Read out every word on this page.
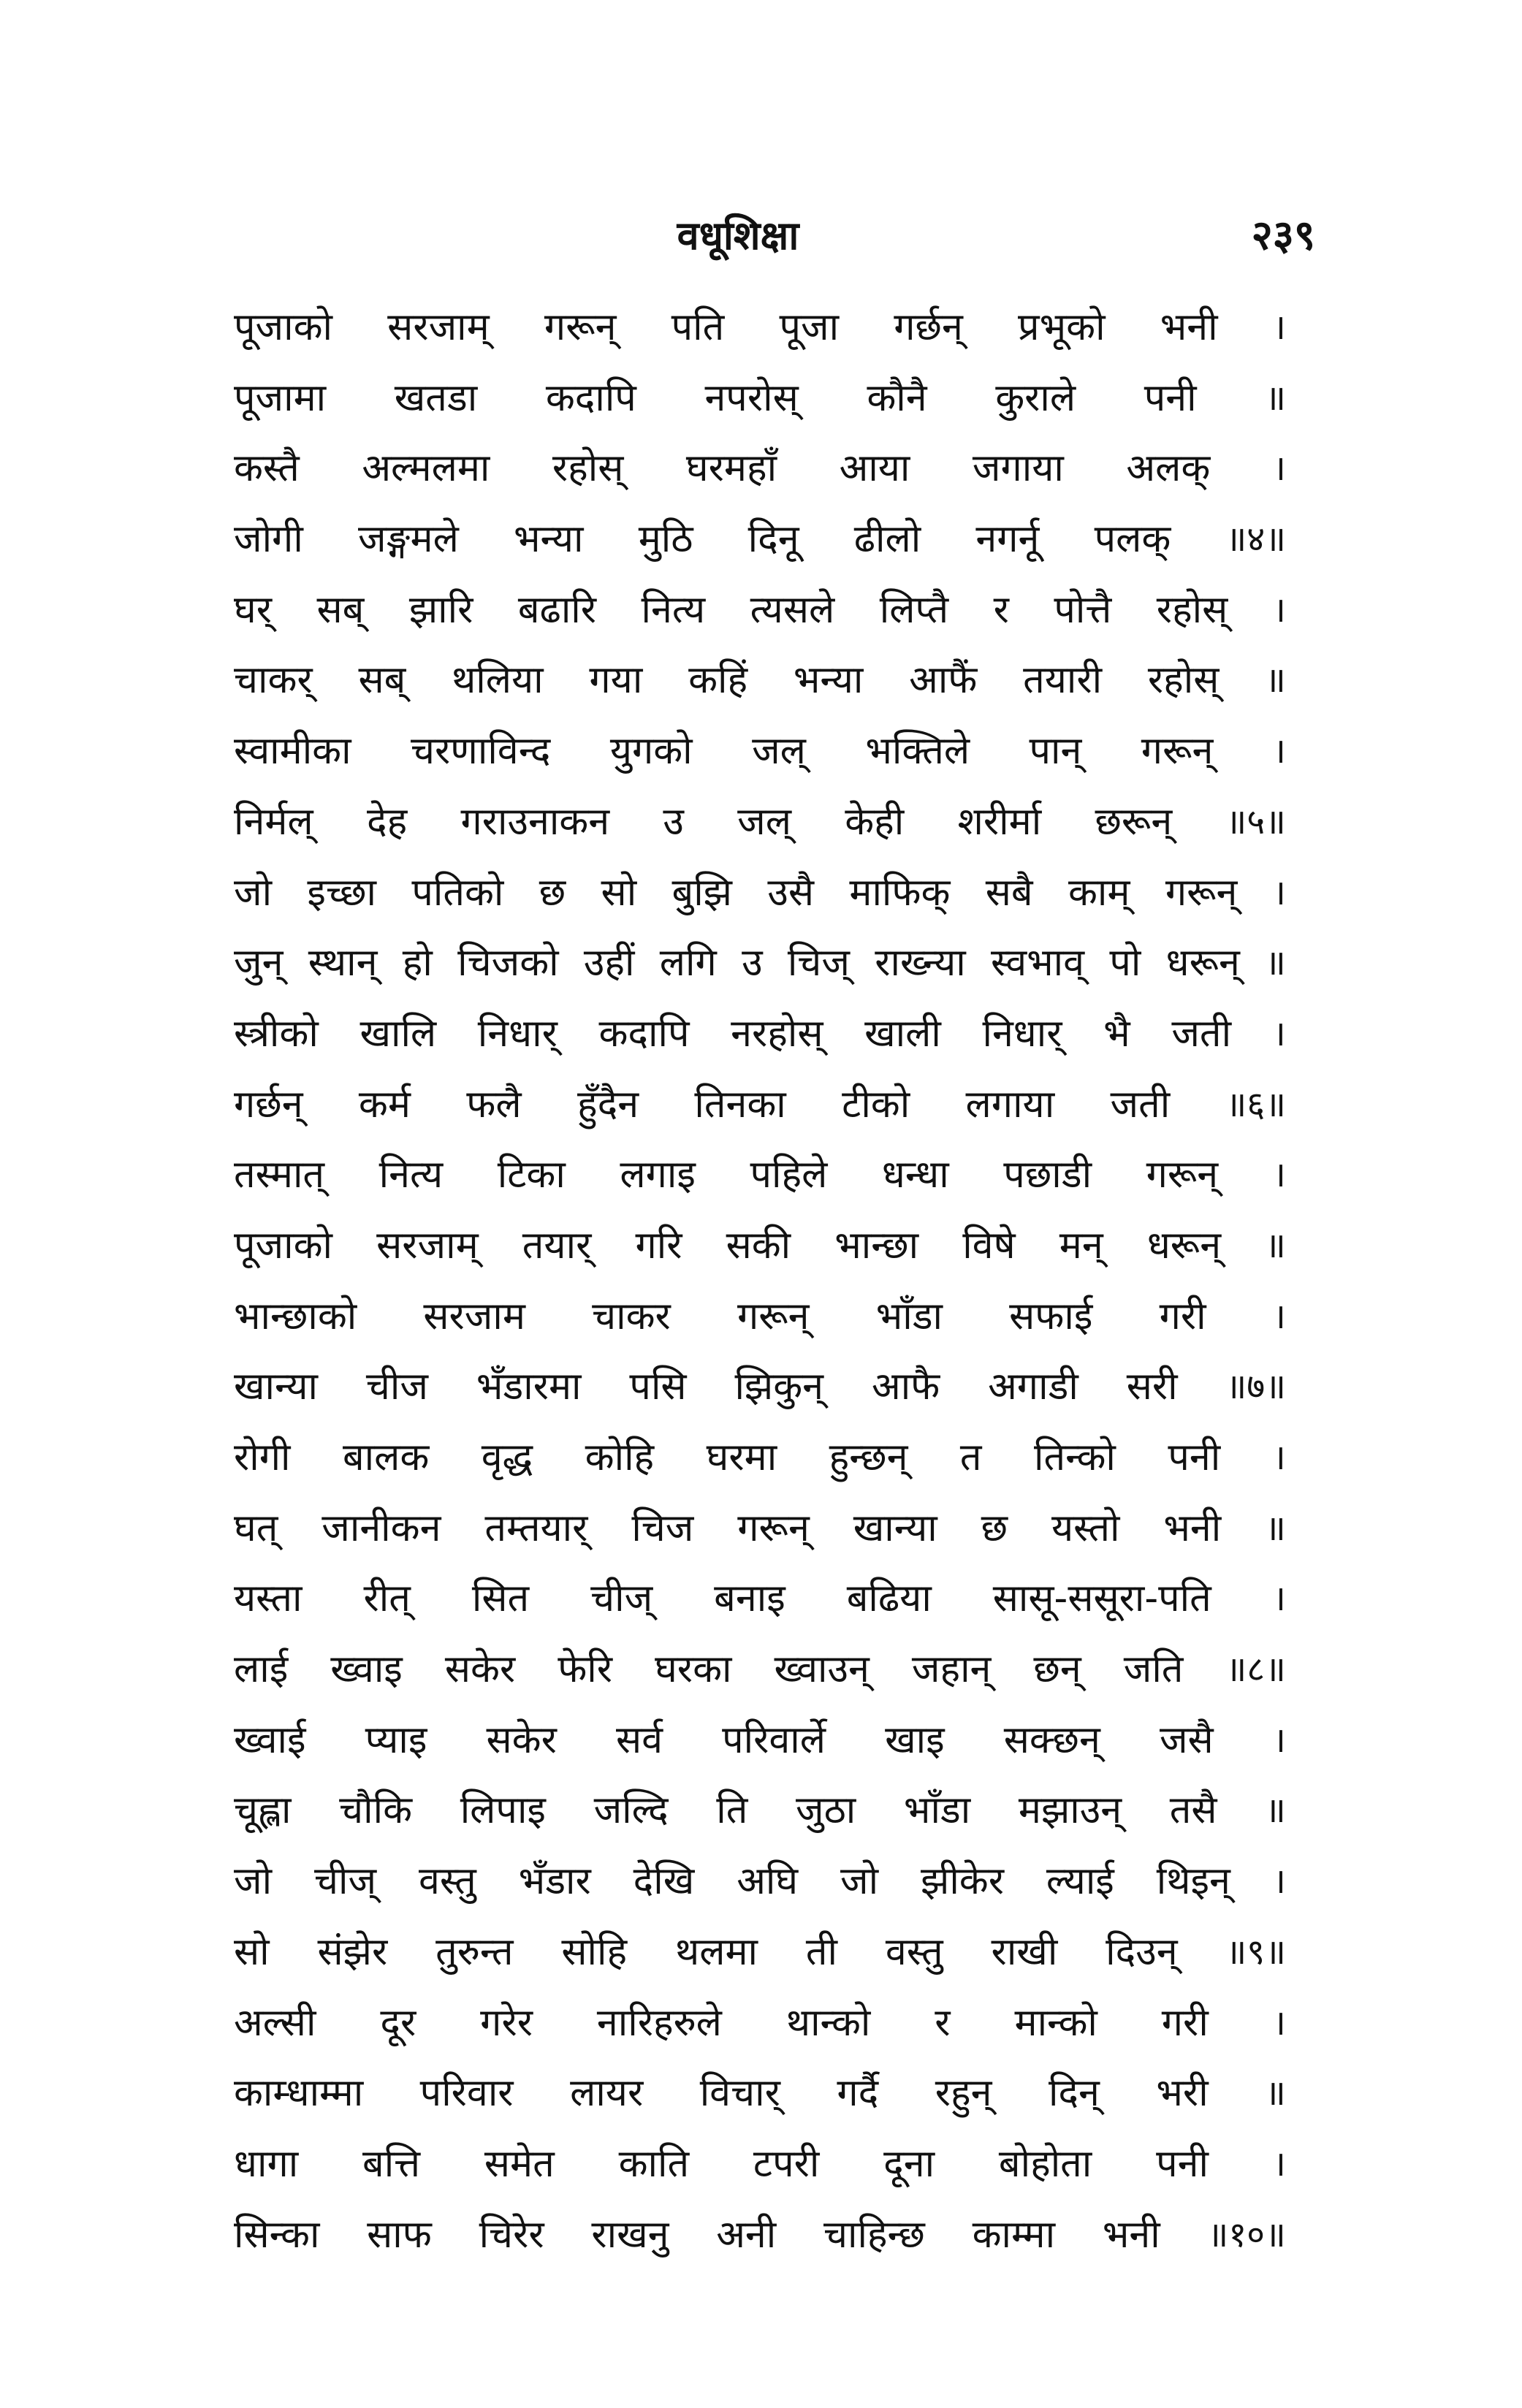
वधूशिक्षा	२३९
पूजाको सरजाम् गरून् पति पूजा गर्छन् प्रभूको भनी ।
पूजामा खतडा कदापि नपरोस् कौनै कुराले पनी ॥
कस्तै अल्मलमा रहोस् घरमहाँ आया जगाया अलक् ।
जोगी जङ्गमले भन्या मुठि दिनू ढीलो नगर्नू पलक् ॥४॥
घर् सब् झारि बढारि नित्य त्यसले लिप्तै र पोत्तै रहोस् ।
चाकर् सब् थलिया गया कहिं भन्या आफैं तयारी रहोस् ॥
स्वामीका चरणाविन्द युगको जल् भक्तिले पान् गरून् ।
निर्मल् देह गराउनाकन उ जल् केही शरीर्मा छरून् ॥५॥
जो इच्छा पतिको छ सो बुझि उसै माफिक् सबै काम् गरून् ।
जुन् स्थान् हो चिजको उहीं लगि उ चिज् राख्न्या स्वभाव् पो धरून् ॥
स्त्रीको खालि निधार् कदापि नरहोस् खाली निधार् भै जती ।
गर्छन् कर्म फलै हुँदैन तिनका टीको लगाया जती ॥६॥
तस्मात् नित्य टिका लगाइ पहिले धन्धा पछाडी गरून् ।
पूजाको सरजाम् तयार् गरि सकी भान्छा विषे मन् धरून् ॥
भान्छाको सरजाम चाकर गरून् भाँडा सफाई गरी ।
खान्या चीज भँडारमा पसि झिकुन् आफै अगाडी सरी ॥७॥
रोगी बालक वृद्ध कोहि घरमा हुन्छन् त तिन्को पनी ।
घत् जानीकन तम्तयार् चिज गरून् खान्या छ यस्तो भनी ॥
यस्ता रीत् सित चीज् बनाइ बढिया सासू-ससूरा-पति ।
लाई ख्वाइ सकेर फेरि घरका ख्वाउन् जहान् छन् जति ॥८॥
ख्वाई प्याइ सकेर सर्व परिवार्ले खाइ सक्छन् जसै ।
चूह्ला चौकि लिपाइ जल्दि ति जुठा भाँडा मझाउन् तसै ॥
जो चीज् वस्तु भँडार देखि अघि जो झीकेर ल्याई थिइन् ।
सो संझेर तुरुन्त सोहि थलमा ती वस्तु राखी दिउन् ॥९॥
अल्सी दूर गरेर नारिहरुले थान्को र मान्को गरी ।
काम्धाम्मा परिवार लायर विचार् गर्दै रहुन् दिन् भरी ॥
धागा बत्ति समेत काति टपरी दूना बोहोता पनी ।
सिन्का साफ चिरेर राखनु अनी चाहिन्छ काम्मा भनी ॥१०॥
